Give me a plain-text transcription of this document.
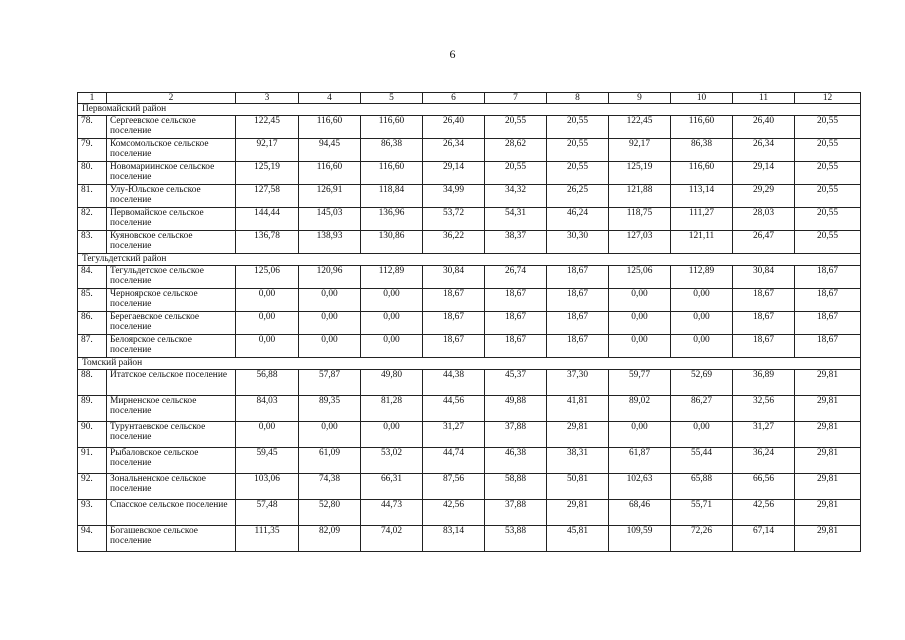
6
1	2	3	4	5	6	7	8	9	10	11	12
Первомайский район											
78.	Сергеевское сельское поселение	122,45	116,60	116,60	26,40	20,55	20,55	122,45	116,60	26,40	20,55
79.	Комсомольское сельское поселение	92,17	94,45	86,38	26,34	28,62	20,55	92,17	86,38	26,34	20,55
80.	Новомариинское сельское поселение	125,19	116,60	116,60	29,14	20,55	20,55	125,19	116,60	29,14	20,55
81.	Улу-Юльское сельское поселение	127,58	126,91	118,84	34,99	34,32	26,25	121,88	113,14	29,29	20,55
82.	Первомайское сельское поселение	144,44	145,03	136,96	53,72	54,31	46,24	118,75	111,27	28,03	20,55
83.	Куяновское сельское поселение	136,78	138,93	130,86	36,22	38,37	30,30	127,03	121,11	26,47	20,55
Тегульдетский район											
84.	Тегульдетское сельское поселение	125,06	120,96	112,89	30,84	26,74	18,67	125,06	112,89	30,84	18,67
85.	Черноярское сельское поселение	0,00	0,00	0,00	18,67	18,67	18,67	0,00	0,00	18,67	18,67
86.	Берегаевское сельское поселение	0,00	0,00	0,00	18,67	18,67	18,67	0,00	0,00	18,67	18,67
87.	Белоярское сельское поселение	0,00	0,00	0,00	18,67	18,67	18,67	0,00	0,00	18,67	18,67
Томский район											
88.	Итатское сельское поселение	56,88	57,87	49,80	44,38	45,37	37,30	59,77	52,69	36,89	29,81
89.	Мирненское сельское поселение	84,03	89,35	81,28	44,56	49,88	41,81	89,02	86,27	32,56	29,81
90.	Турунтаевское сельское поселение	0,00	0,00	0,00	31,27	37,88	29,81	0,00	0,00	31,27	29,81
91.	Рыбаловское сельское поселение	59,45	61,09	53,02	44,74	46,38	38,31	61,87	55,44	36,24	29,81
92.	Зональненское сельское поселение	103,06	74,38	66,31	87,56	58,88	50,81	102,63	65,88	66,56	29,81
93.	Спасское сельское поселение	57,48	52,80	44,73	42,56	37,88	29,81	68,46	55,71	42,56	29,81
94.	Богашевское сельское поселение	111,35	82,09	74,02	83,14	53,88	45,81	109,59	72,26	67,14	29,81
